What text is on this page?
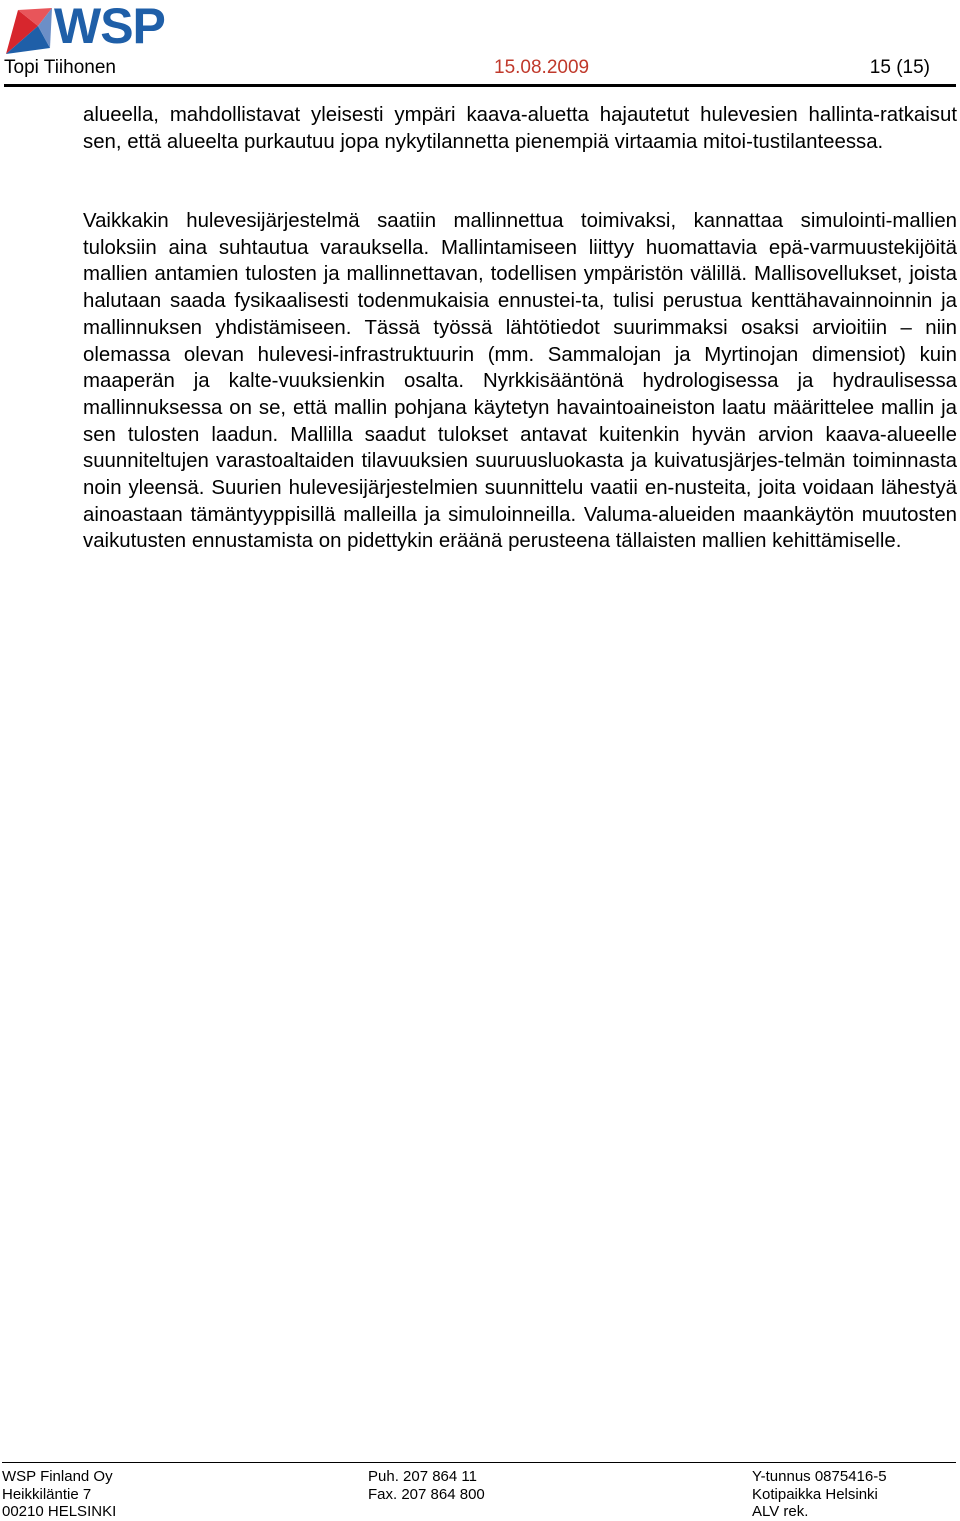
WSP
Topi Tiihonen	15.08.2009	15 (15)

alueella, mahdollistavat yleisesti ympäri kaava-aluetta hajautetut hulevesien hallinta-ratkaisut sen, että alueelta purkautuu jopa nykytilannetta pienempiä virtaamia mitoi-tustilanteessa.

Vaikkakin hulevesijärjestelmä saatiin mallinnettua toimivaksi, kannattaa simulointi-mallien tuloksiin aina suhtautua varauksella. Mallintamiseen liittyy huomattavia epä-varmuustekijöitä mallien antamien tulosten ja mallinnettavan, todellisen ympäristön välillä. Mallisovellukset, joista halutaan saada fysikaalisesti todenmukaisia ennustei-ta, tulisi perustua kenttähavainnoinnin ja mallinnuksen yhdistämiseen. Tässä työssä lähtötiedot suurimmaksi osaksi arvioitiin – niin olemassa olevan hulevesi-infrastruktuurin (mm. Sammalojan ja Myrtinojan dimensiot) kuin maaperän ja kalte-vuuksienkin osalta. Nyrkkisääntönä hydrologisessa ja hydraulisessa mallinnuksessa on se, että mallin pohjana käytetyn havaintoaineiston laatu määrittelee mallin ja sen tulosten laadun. Mallilla saadut tulokset antavat kuitenkin hyvän arvion kaava-alueelle suunniteltujen varastoaltaiden tilavuuksien suuruusluokasta ja kuivatusjärjes-telmän toiminnasta noin yleensä. Suurien hulevesijärjestelmien suunnittelu vaatii en-nusteita, joita voidaan lähestyä ainoastaan tämäntyyppisillä malleilla ja simuloinneilla. Valuma-alueiden maankäytön muutosten vaikutusten ennustamista on pidettykin eräänä perusteena tällaisten mallien kehittämiselle.

WSP Finland Oy
Heikkiläntie 7
00210 HELSINKI
Puh. 207 864 11
Fax. 207 864 800
Y-tunnus 0875416-5
Kotipaikka Helsinki
ALV rek.
